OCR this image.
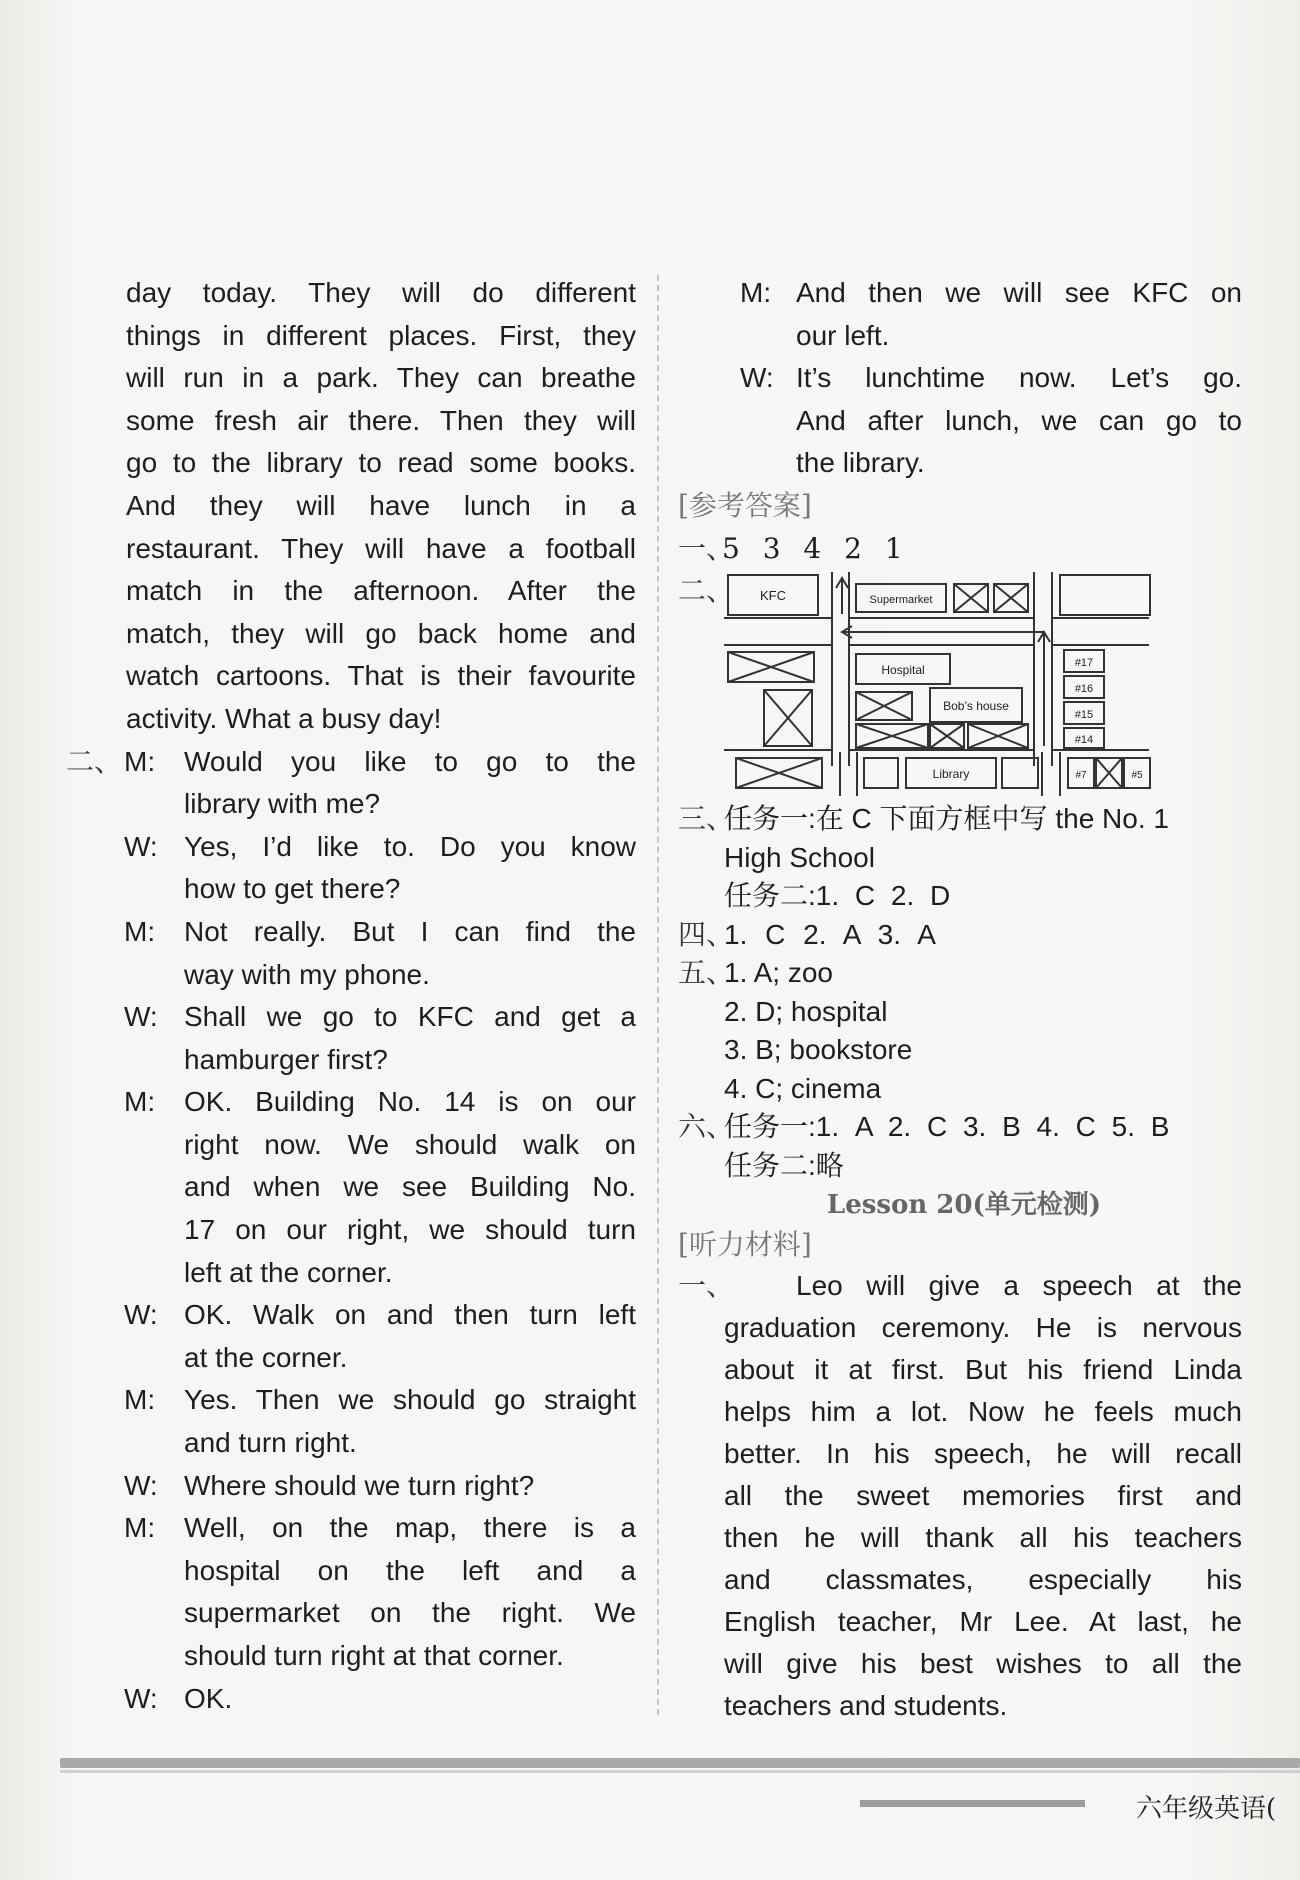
day today. They will do different
things in different places. First, they
will run in a park. They can breathe
some fresh air there. Then they will
go to the library to read some books.
And they will have lunch in a
restaurant. They will have a football
match in the afternoon. After the
match, they will go back home and
watch cartoons. That is their favourite
activity. What a busy day!
二、 M:	Would you like to go to the
library with me?
W: Yes, I’d like to. Do you know
how to get there?
M:	Not really. But I can find the
way with my phone.
W: Shall we go to KFC and get a
hamburger first?
M:	OK. Building No. 14 is on our
right now. We should walk on
and when we see Building No.
17 on our right, we should turn
left at the corner.
W: OK. Walk on and then turn left
at the corner.
M:	Yes. Then we should go straight
and turn right.
W: Where should we turn right?
M:	Well, on the map, there is a
hospital on the left and a
supermarket on the right. We
should turn right at that corner.
W: OK.
M: And then we will see KFC on
our left.
W: It’s lunchtime now. Let’s go.
And after lunch, we can go to
the library.
[参考答案]
一、
5 3 4 2 1
二、 KFC	Supermarket
Hospital
Bob’s house
#17
#16
#15
#14
Library	#7	#5
三、
任务一:在 C 下面方框中写 the No. 1
High School
任务二:1. C 2. D
四、
1. C 2. A 3. A
五、
1. A; zoo
2. D; hospital
3. B; bookstore
4. C; cinema
六、
任务一:1. A 2. C 3. B 4. C 5. B
任务二:略
Lesson 20(单元检测)
[听力材料]
一、	Leo will give a speech at the
graduation ceremony. He is nervous
about it at first. But his friend Linda
helps him a lot. Now he feels much
better. In his speech, he will recall
all the sweet memories first and
then he will thank all his teachers
and classmates, especially his
English teacher, Mr Lee. At last, he
will give his best wishes to all the
teachers and students.
六年级英语(
